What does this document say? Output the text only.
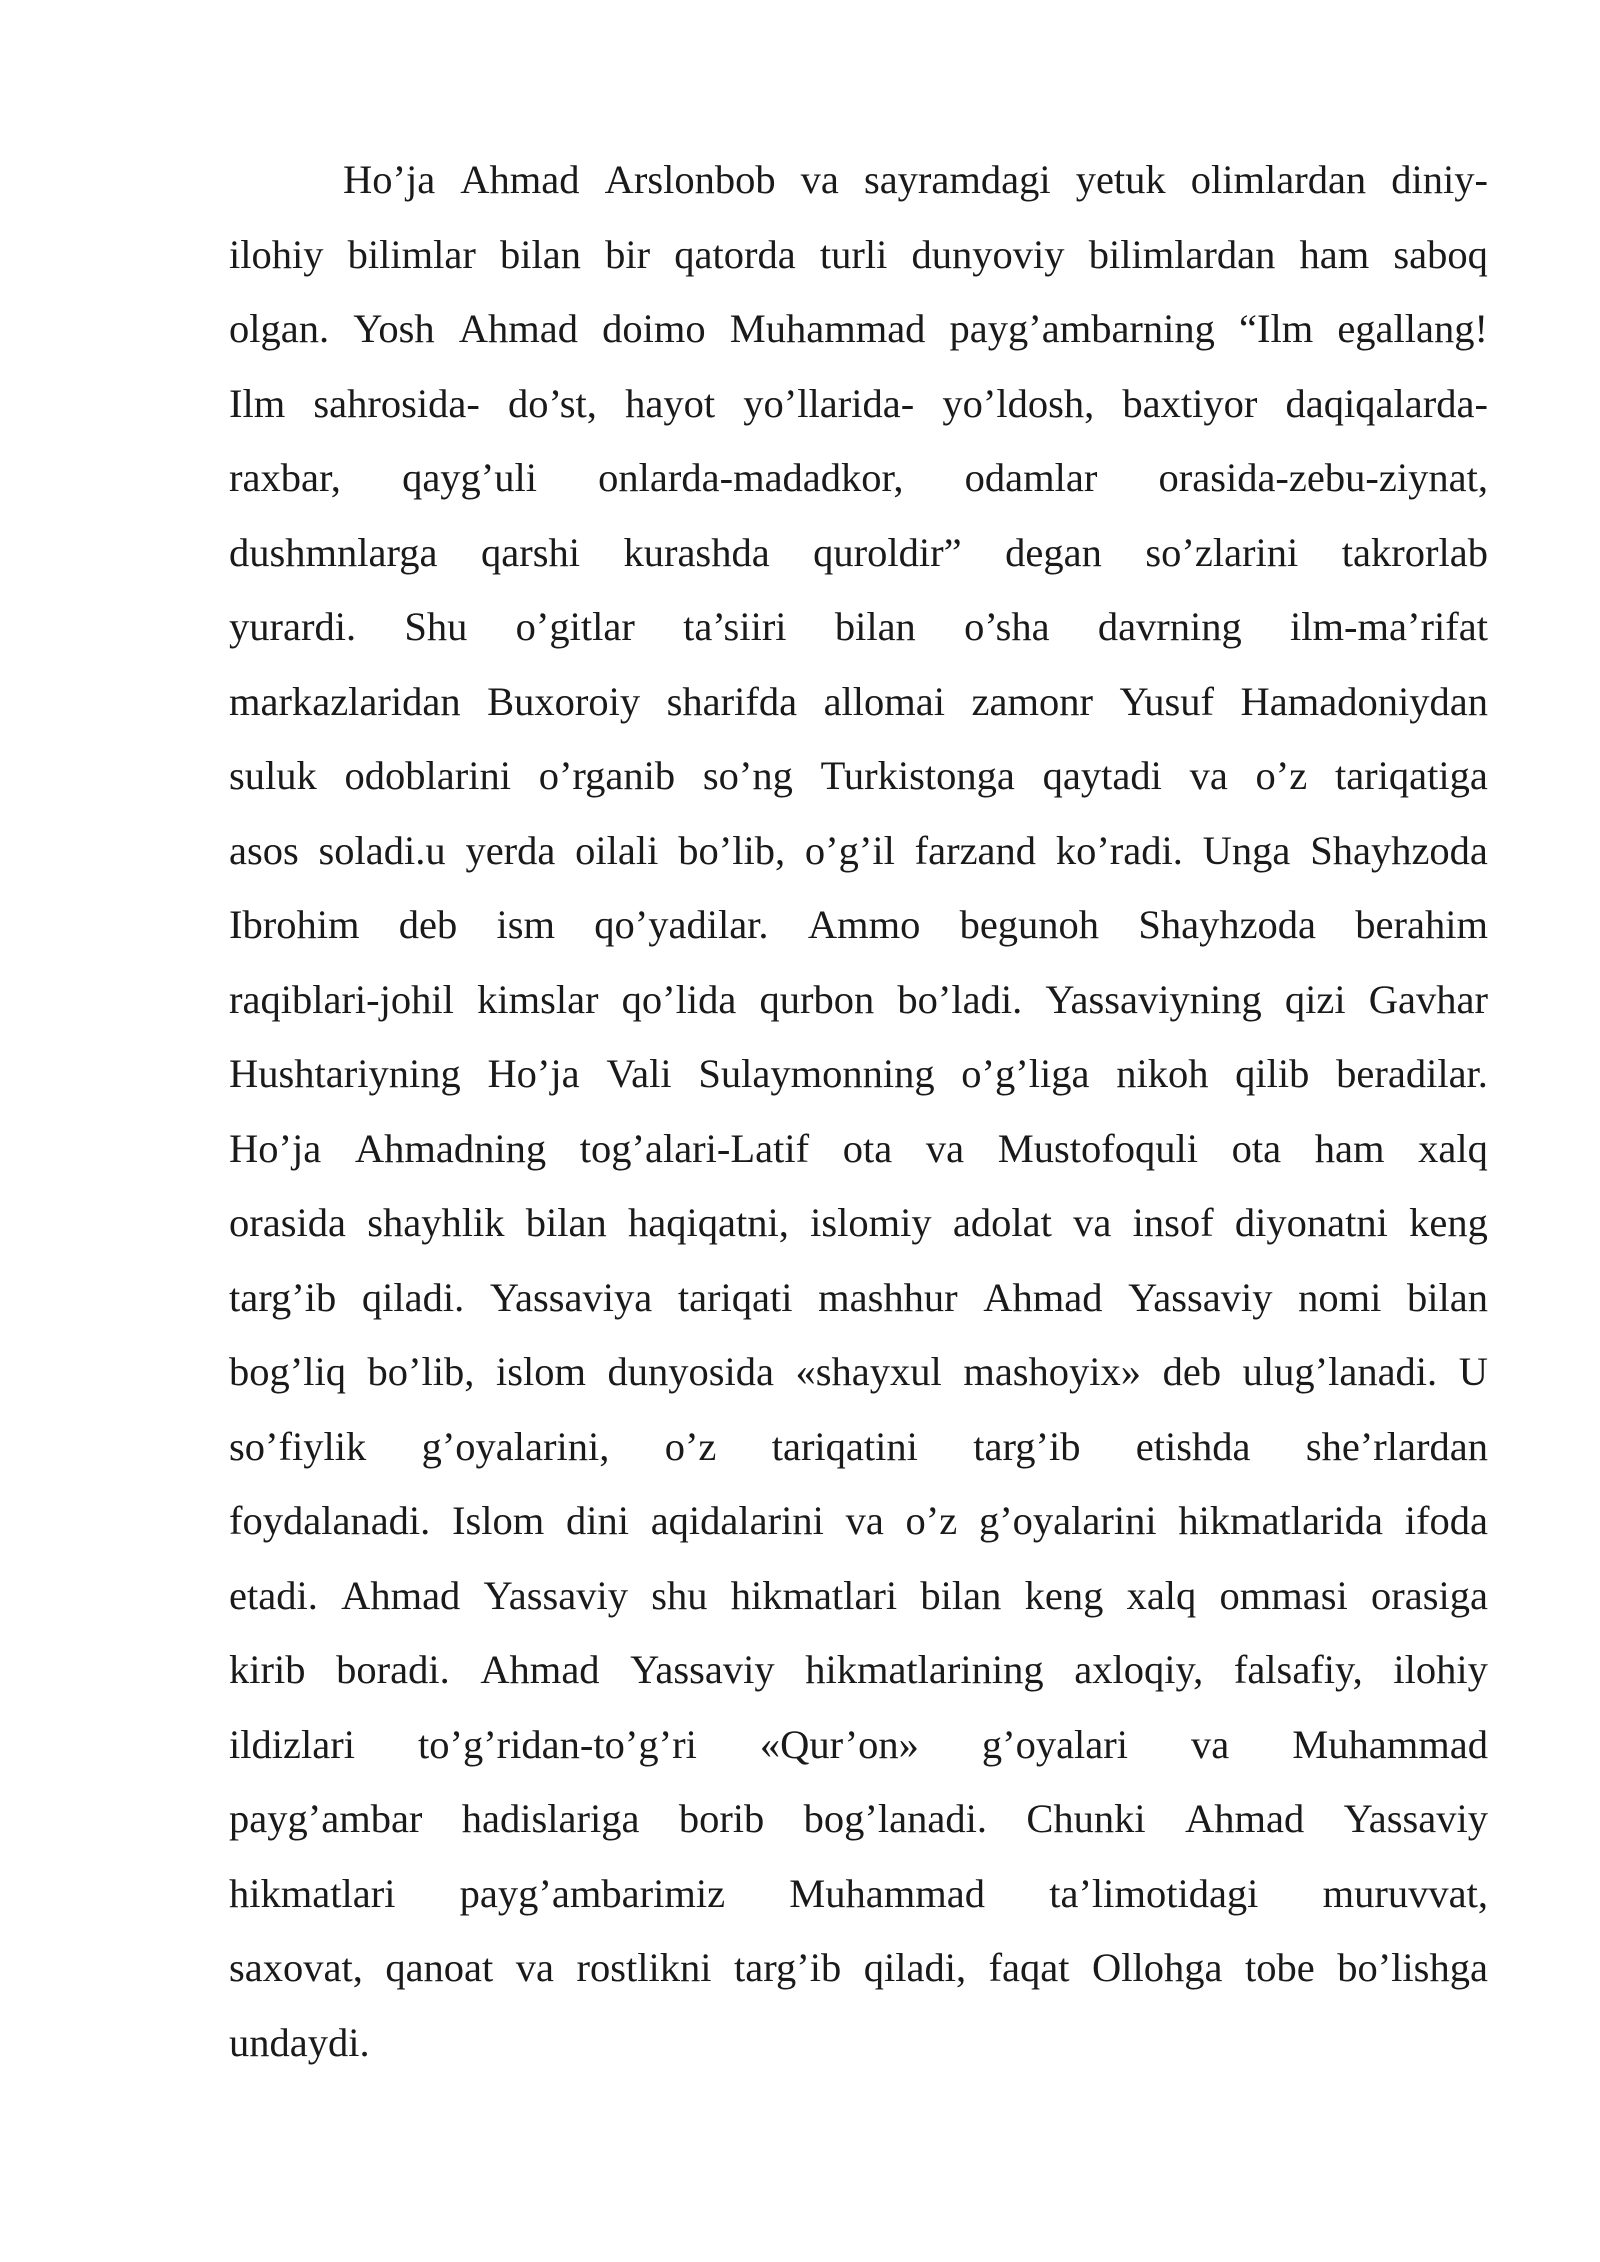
Ho’ja Ahmad Arslonbob va sayramdagi yetuk olimlardan diniy-
ilohiy bilimlar bilan bir qatorda turli dunyoviy bilimlardan ham saboq
olgan. Yosh Ahmad doimo Muhammad payg’ambarning “Ilm egallang!
Ilm sahrosida- do’st, hayot yo’llarida- yo’ldosh, baxtiyor daqiqalarda-
raxbar, qayg’uli onlarda-madadkor, odamlar orasida-zebu-ziynat,
dushmnlarga qarshi kurashda quroldir” degan so’zlarini takrorlab
yurardi. Shu o’gitlar ta’siiri bilan o’sha davrning ilm-ma’rifat
markazlaridan Buxoroiy sharifda allomai zamonr Yusuf Hamadoniydan
suluk odoblarini o’rganib so’ng Turkistonga qaytadi va o’z tariqatiga
asos soladi.u yerda oilali bo’lib, o’g’il farzand ko’radi. Unga Shayhzoda
Ibrohim deb ism qo’yadilar. Ammo begunoh Shayhzoda berahim
raqiblari-johil kimslar qo’lida qurbon bo’ladi. Yassaviyning qizi Gavhar
Hushtariyning Ho’ja Vali Sulaymonning o’g’liga nikoh qilib beradilar.
Ho’ja Ahmadning tog’alari-Latif ota va Mustofoquli ota ham xalq
orasida shayhlik bilan haqiqatni, islomiy adolat va insof diyonatni keng
targ’ib qiladi. Yassaviya tariqati mashhur Ahmad Yassaviy nomi bilan
bog’liq bo’lib, islom dunyosida «shayxul mashoyix» deb ulug’lanadi. U
so’fiylik g’oyalarini, o’z tariqatini targ’ib etishda she’rlardan
foydalanadi. Islom dini aqidalarini va o’z g’oyalarini hikmatlarida ifoda
etadi. Ahmad Yassaviy shu hikmatlari bilan keng xalq ommasi orasiga
kirib boradi. Ahmad Yassaviy hikmatlarining axloqiy, falsafiy, ilohiy
ildizlari to’g’ridan-to’g’ri «Qur’on» g’oyalari va Muhammad
payg’ambar hadislariga borib bog’lanadi. Chunki Ahmad Yassaviy
hikmatlari payg’ambarimiz Muhammad ta’limotidagi muruvvat,
saxovat, qanoat va rostlikni targ’ib qiladi, faqat Ollohga tobe bo’lishga
undaydi.
